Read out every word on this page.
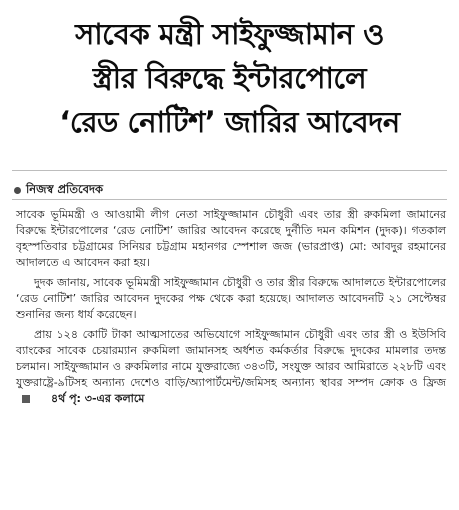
সাবেক মন্ত্রী সাইফুজ্জামান ও
স্ত্রীর বিরুদ্ধে ইন্টারপোলে
‘রেড নোটিশ’ জারির আবেদন
নিজস্ব প্রতিবেদক

সাবেক ভূমিমন্ত্রী ও আওয়ামী লীগ নেতা সাইফুজ্জামান চৌধুরী এবং তার স্ত্রী রুকমিলা জামানের বিরুদ্ধে ইন্টারপোলের ‘রেড নোটিশ’ জারির আবেদন করেছে দুর্নীতি দমন কমিশন (দুদক)। গতকাল বৃহস্পতিবার চট্টগ্রামের সিনিয়র চট্টগ্রাম মহানগর স্পেশাল জজ (ভারপ্রাপ্ত) মো: আবদুর রহমানের আদালতে এ আবেদন করা হয়।

দুদক জানায়, সাবেক ভূমিমন্ত্রী সাইফুজ্জামান চৌধুরী ও তার স্ত্রীর বিরুদ্ধে আদালতে ইন্টারপোলের ‘রেড নোটিশ’ জারির আবেদন দুদকের পক্ষ থেকে করা হয়েছে। আদালত আবেদনটি ২১ সেপ্টেম্বর শুনানির জন্য ধার্য করেছেন।

প্রায় ১২৪ কোটি টাকা আত্মসাতের অভিযোগে সাইফুজ্জামান চৌধুরী এবং তার স্ত্রী ও ইউসিবি ব্যাংকের সাবেক চেয়ারম্যান রুকমিলা জামানসহ অর্ধশত কর্মকর্তার বিরুদ্ধে দুদকের মামলার তদন্ত চলমান। সাইফুজ্জামান ও রুকমিলার নামে যুক্তরাজ্যে ৩৪৩টি, সংযুক্ত আরব আমিরাতে ২২৮টি এবং যুক্তরাষ্ট্রে-৯টিসহ অন্যান্য দেশেও বাড়ি/অ্যাপার্টমেন্ট/জমিসহ অন্যান্য স্থাবর সম্পদ ক্রোক ও ফ্রিজ
৪র্থ পৃ: ৩-এর কলামে
